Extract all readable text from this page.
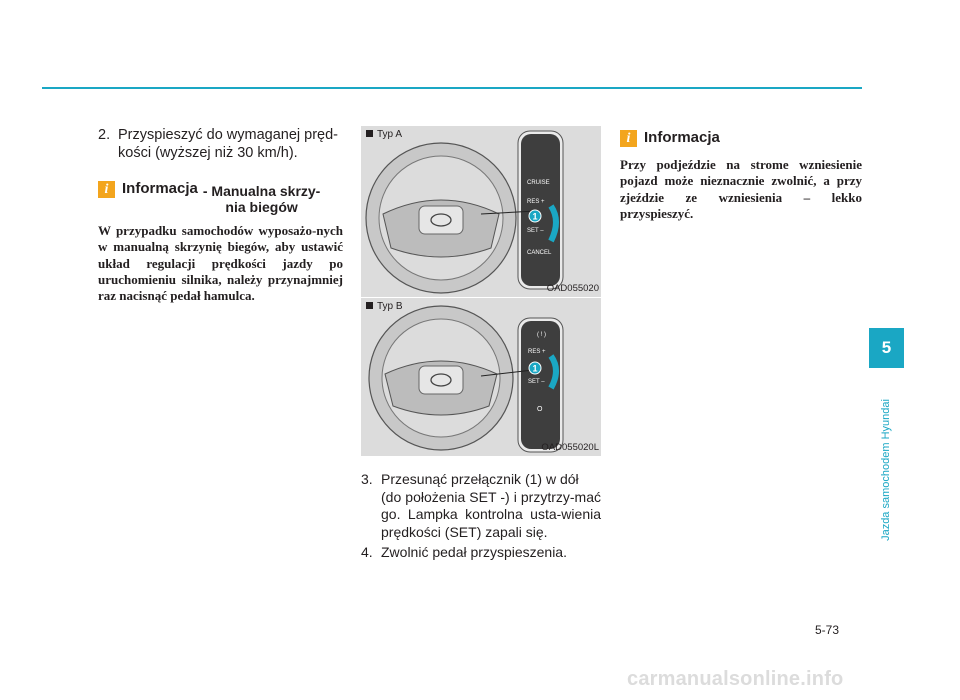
2. Przyspieszyć do wymaganej pręd-
kości (wyższej niż 30 km/h).
i Informacja - Manualna skrzy-
nia biegów
W przypadku samochodów wyposażo-nych w manualną skrzynię biegów, aby ustawić układ regulacji prędkości jazdy po uruchomieniu silnika, należy przynajmniej raz nacisnąć pedał hamulca.
CRUISE
RES +
SET –
CANCEL
1
Typ A
OAD055020
( ! )
RES +
SET –
O
1
Typ B
OAD055020L
3. Przesunąć przełącznik (1) w dół
(do położenia SET -) i przytrzy-mać go. Lampka kontrolna usta-wienia prędkości (SET) zapali się.
4. Zwolnić pedał przyspieszenia.
i Informacja
Przy podjeździe na strome wzniesienie pojazd może nieznacznie zwolnić, a przy zjeździe ze wzniesienia – lekko przyspieszyć.
5
Jazda samochodem Hyundai
5-73
carmanualsonline.info
